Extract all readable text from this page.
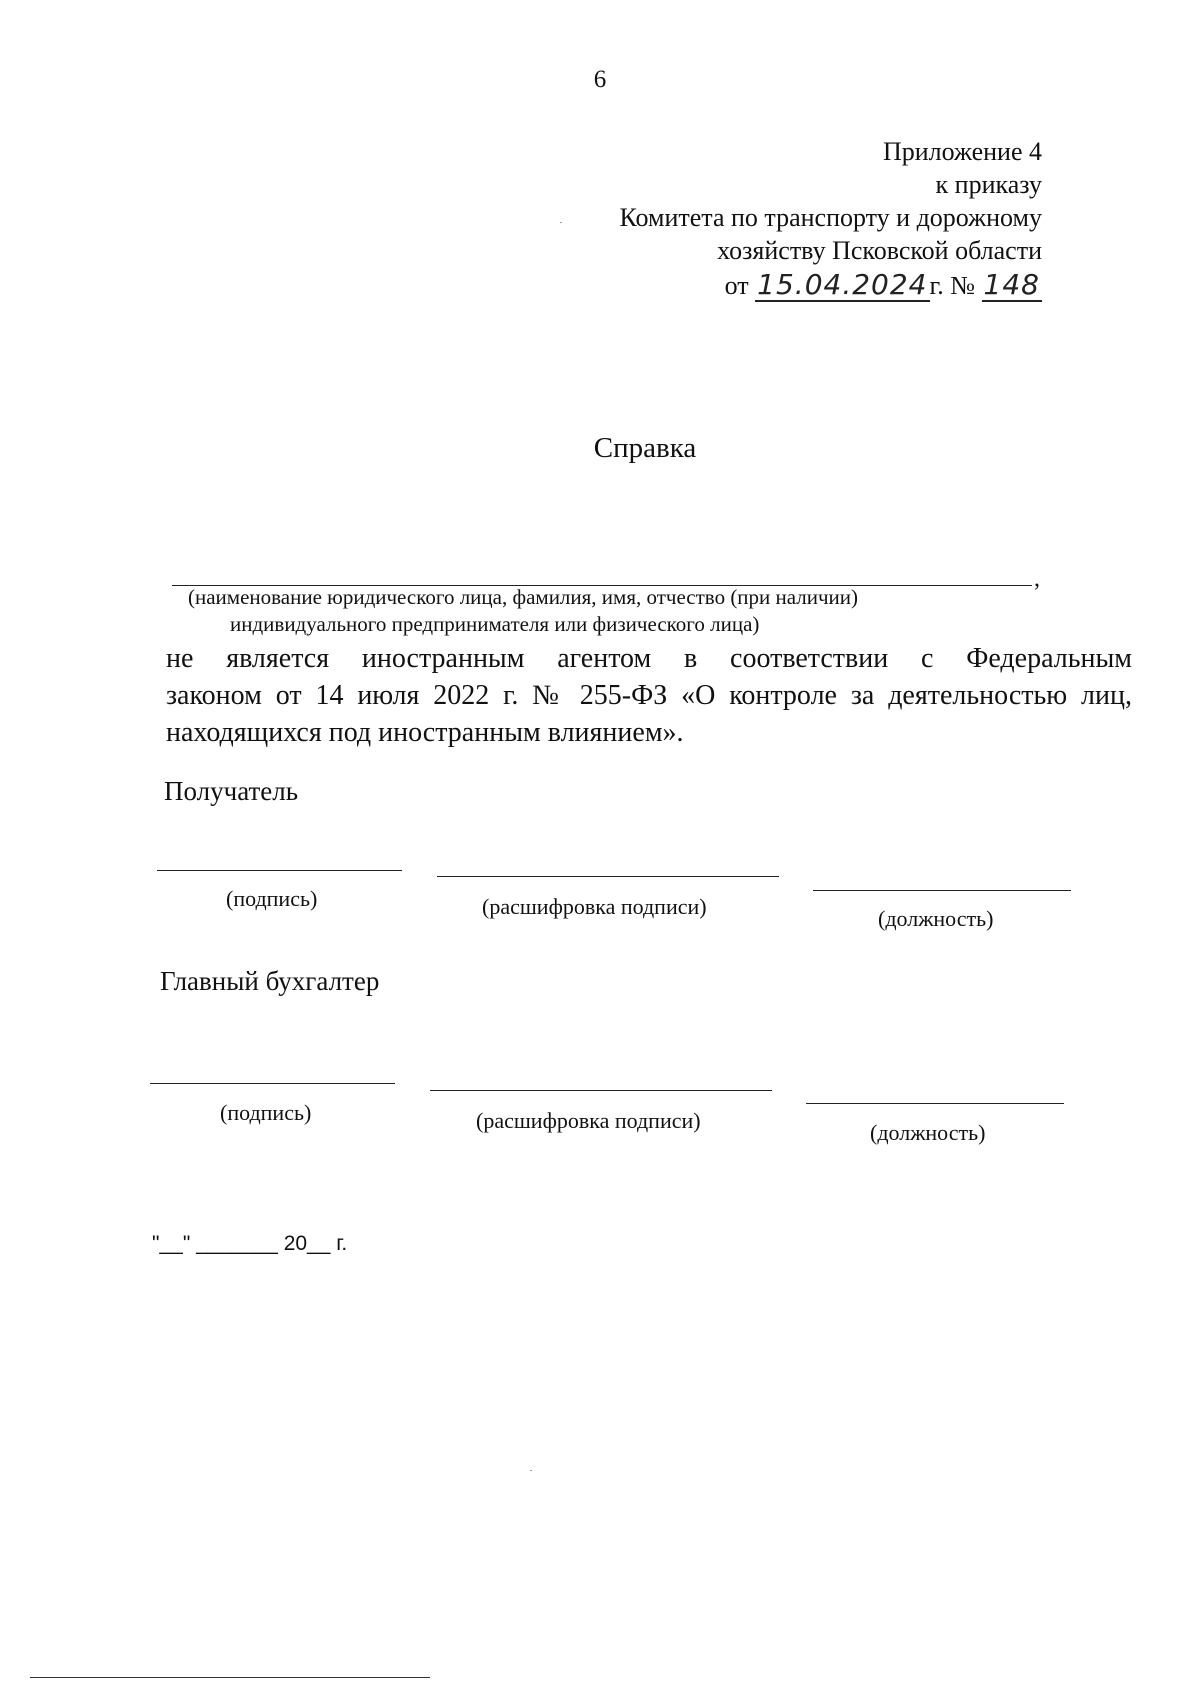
6
Приложение 4
к приказу
Комитета по транспорту и дорожному
хозяйству Псковской области
от 15.04.2024г. № 148
Справка
,
(наименование юридического лица, фамилия, имя, отчество (при наличии)
индивидуального предпринимателя или физического лица)
не является иностранным агентом в соответствии с Федеральным
законом от 14 июля 2022 г. № 255-ФЗ «О контроле за деятельностью лиц,
находящихся под иностранным влиянием».
Получатель
(подпись)	(расшифровка подписи)	(должность)
Главный бухгалтер
(подпись)	(расшифровка подписи)	(должность)
"__" _______ 20__ г.
